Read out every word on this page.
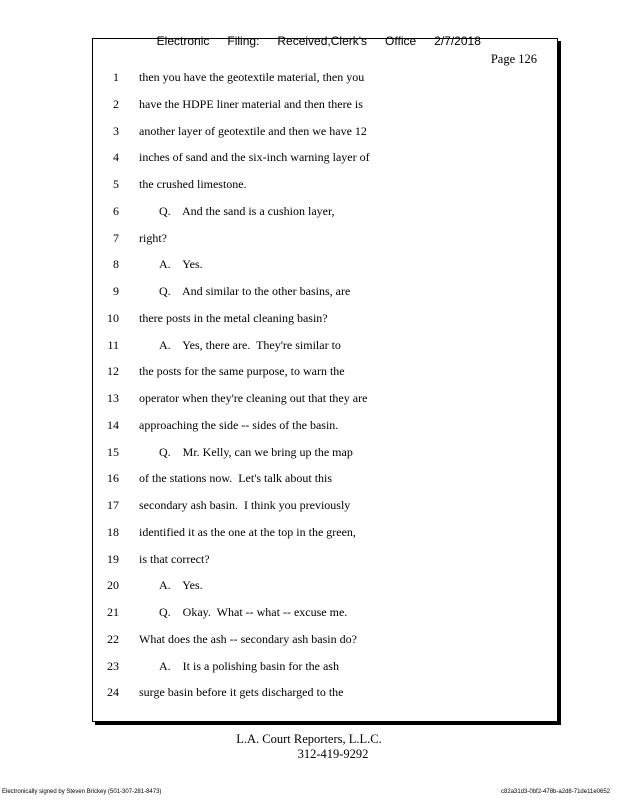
Electronic Filing: Received,Clerk's Office 2/7/2018

Page 126
1 then you have the geotextile material, then you
2 have the HDPE liner material and then there is
3 another layer of geotextile and then we have 12
4 inches of sand and the six-inch warning layer of
5 the crushed limestone.
6	Q.    And the sand is a cushion layer,
7 right?
8	A.    Yes.
9	Q.    And similar to the other basins, are
10 there posts in the metal cleaning basin?
11	A.    Yes, there are.  They're similar to
12 the posts for the same purpose, to warn the
13 operator when they're cleaning out that they are
14 approaching the side -- sides of the basin.
15	Q.    Mr. Kelly, can we bring up the map
16 of the stations now.  Let's talk about this
17 secondary ash basin.  I think you previously
18 identified it as the one at the top in the green,
19 is that correct?
20	A.    Yes.
21	Q.    Okay.  What -- what -- excuse me.
22 What does the ash -- secondary ash basin do?
23	A.    It is a polishing basin for the ash
24 surge basin before it gets discharged to the
L.A. Court Reporters, L.L.C.
312-419-9292
Electronically signed by Steven Brickey (501-307-281-8473)	c82a31d3-0bf2-478b-a2d8-71de11e0652
